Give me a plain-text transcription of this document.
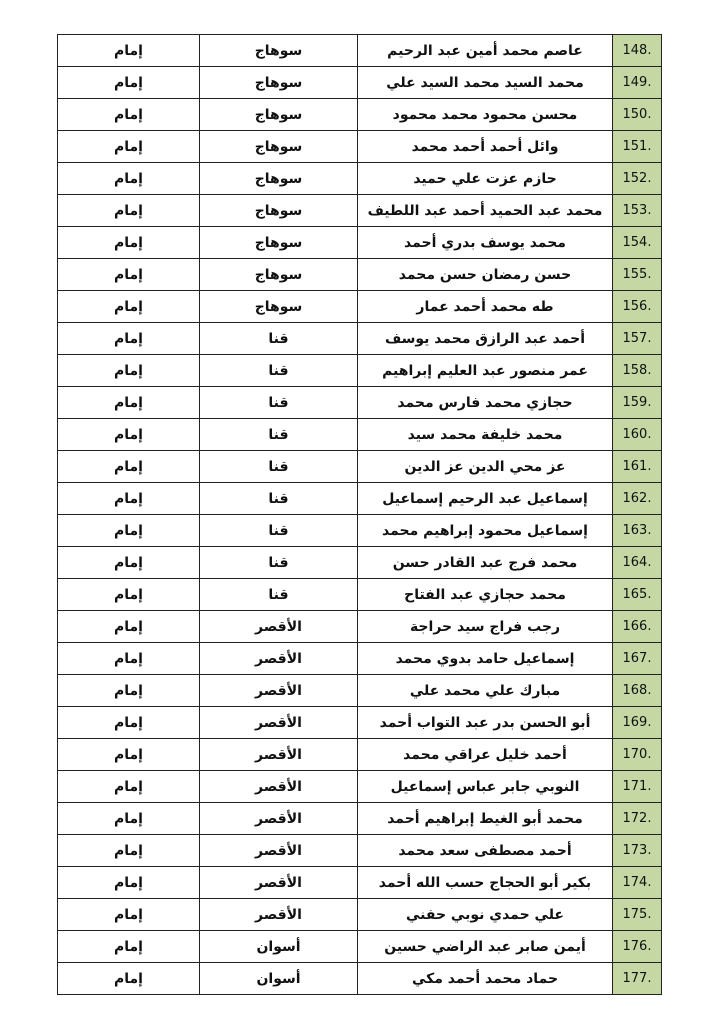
148.	عاصم محمد أمين عبد الرحيم	سوهاج	إمام
149.	محمد السيد محمد السيد علي	سوهاج	إمام
150.	محسن محمود محمد محمود	سوهاج	إمام
151.	وائل أحمد أحمد محمد	سوهاج	إمام
152.	حازم عزت علي حميد	سوهاج	إمام
153.	محمد عبد الحميد أحمد عبد اللطيف	سوهاج	إمام
154.	محمد يوسف بدري أحمد	سوهاج	إمام
155.	حسن رمضان حسن محمد	سوهاج	إمام
156.	طه محمد أحمد عمار	سوهاج	إمام
157.	أحمد عبد الرازق محمد يوسف	قنا	إمام
158.	عمر منصور عبد العليم إبراهيم	قنا	إمام
159.	حجازي محمد فارس محمد	قنا	إمام
160.	محمد خليفة محمد سيد	قنا	إمام
161.	عز محي الدين عز الدين	قنا	إمام
162.	إسماعيل عبد الرحيم إسماعيل	قنا	إمام
163.	إسماعيل محمود إبراهيم محمد	قنا	إمام
164.	محمد فرج عبد القادر حسن	قنا	إمام
165.	محمد حجازي عبد الفتاح	قنا	إمام
166.	رجب فراج سيد حراجة	الأقصر	إمام
167.	إسماعيل حامد بدوي محمد	الأقصر	إمام
168.	مبارك علي محمد علي	الأقصر	إمام
169.	أبو الحسن بدر عبد التواب أحمد	الأقصر	إمام
170.	أحمد خليل عراقي محمد	الأقصر	إمام
171.	النوبي جابر عباس إسماعيل	الأقصر	إمام
172.	محمد أبو الغيط إبراهيم أحمد	الأقصر	إمام
173.	أحمد مصطفى سعد محمد	الأقصر	إمام
174.	بكير أبو الحجاج حسب الله أحمد	الأقصر	إمام
175.	علي حمدي نوبي حفني	الأقصر	إمام
176.	أيمن صابر عبد الراضي حسين	أسوان	إمام
177.	حماد محمد أحمد مكي	أسوان	إمام
